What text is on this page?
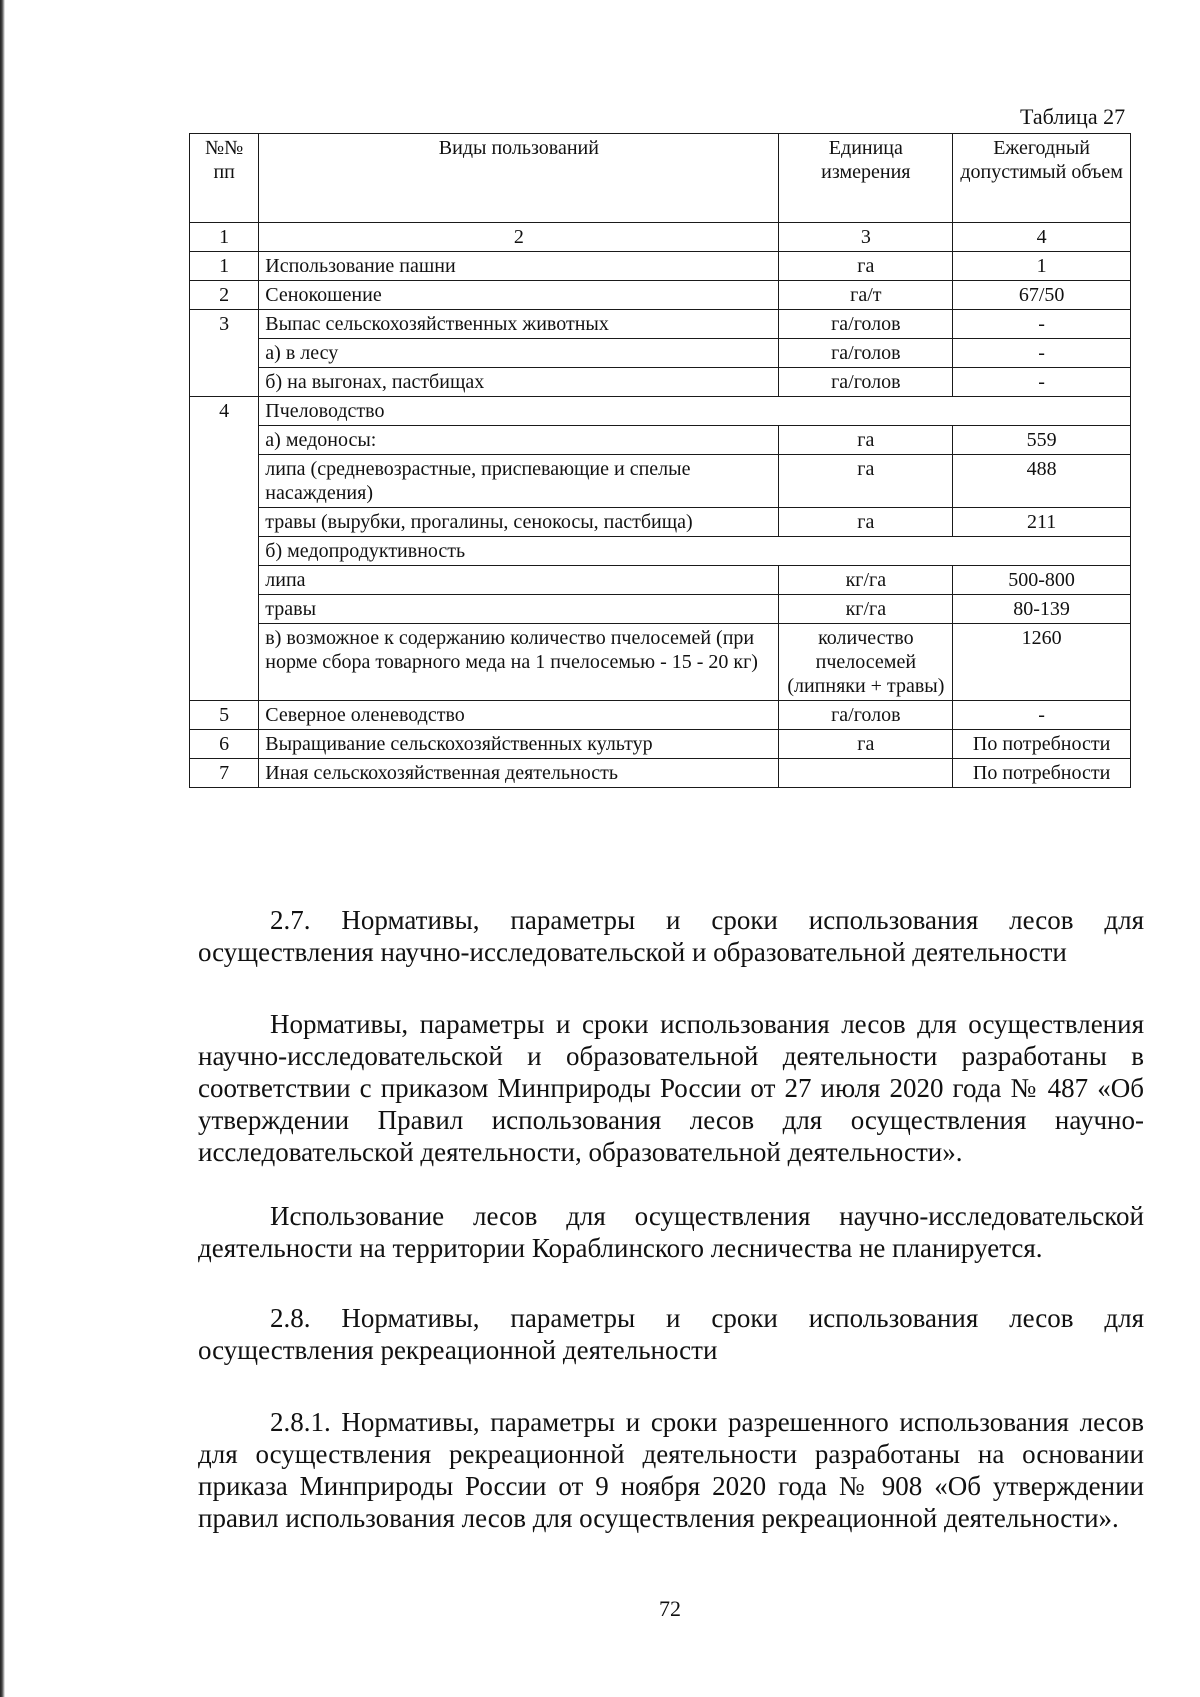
Таблица 27
№№ пп	Виды пользований	Единица измерения	Ежегодный допустимый объем
1	2	3	4
1	Использование пашни	га	1
2	Сенокошение	га/т	67/50
3	Выпас сельскохозяйственных животных	га/голов	-
	а) в лесу	га/голов	-
	б) на выгонах, пастбищах	га/голов	-
4	Пчеловодство		
	а) медоносы:	га	559
	липа (средневозрастные, приспевающие и спелые насаждения)	га	488
	травы (вырубки, прогалины, сенокосы, пастбища)	га	211
	б) медопродуктивность		
	липа	кг/га	500-800
	травы	кг/га	80-139
	в) возможное к содержанию количество пчелосемей (при норме сбора товарного меда на 1 пчелосемью - 15 - 20 кг)	количество пчелосемей (липняки + травы)	1260
5	Северное оленеводство	га/голов	-
6	Выращивание сельскохозяйственных культур	га	По потребности
7	Иная сельскохозяйственная деятельность		По потребности
2.7. Нормативы, параметры и сроки использования лесов для осуществления научно-исследовательской и образовательной деятельности
Нормативы, параметры и сроки использования лесов для осуществления научно-исследовательской и образовательной деятельности разработаны в соответствии с приказом Минприроды России от 27 июля 2020 года № 487 «Об утверждении Правил использования лесов для осуществления научно-исследовательской деятельности, образовательной деятельности».
Использование лесов для осуществления научно-исследовательской деятельности на территории Кораблинского лесничества не планируется.
2.8. Нормативы, параметры и сроки использования лесов для осуществления рекреационной деятельности
2.8.1. Нормативы, параметры и сроки разрешенного использования лесов для осуществления рекреационной деятельности разработаны на основании приказа Минприроды России от 9 ноября 2020 года № 908 «Об утверждении правил использования лесов для осуществления рекреационной деятельности».
72
